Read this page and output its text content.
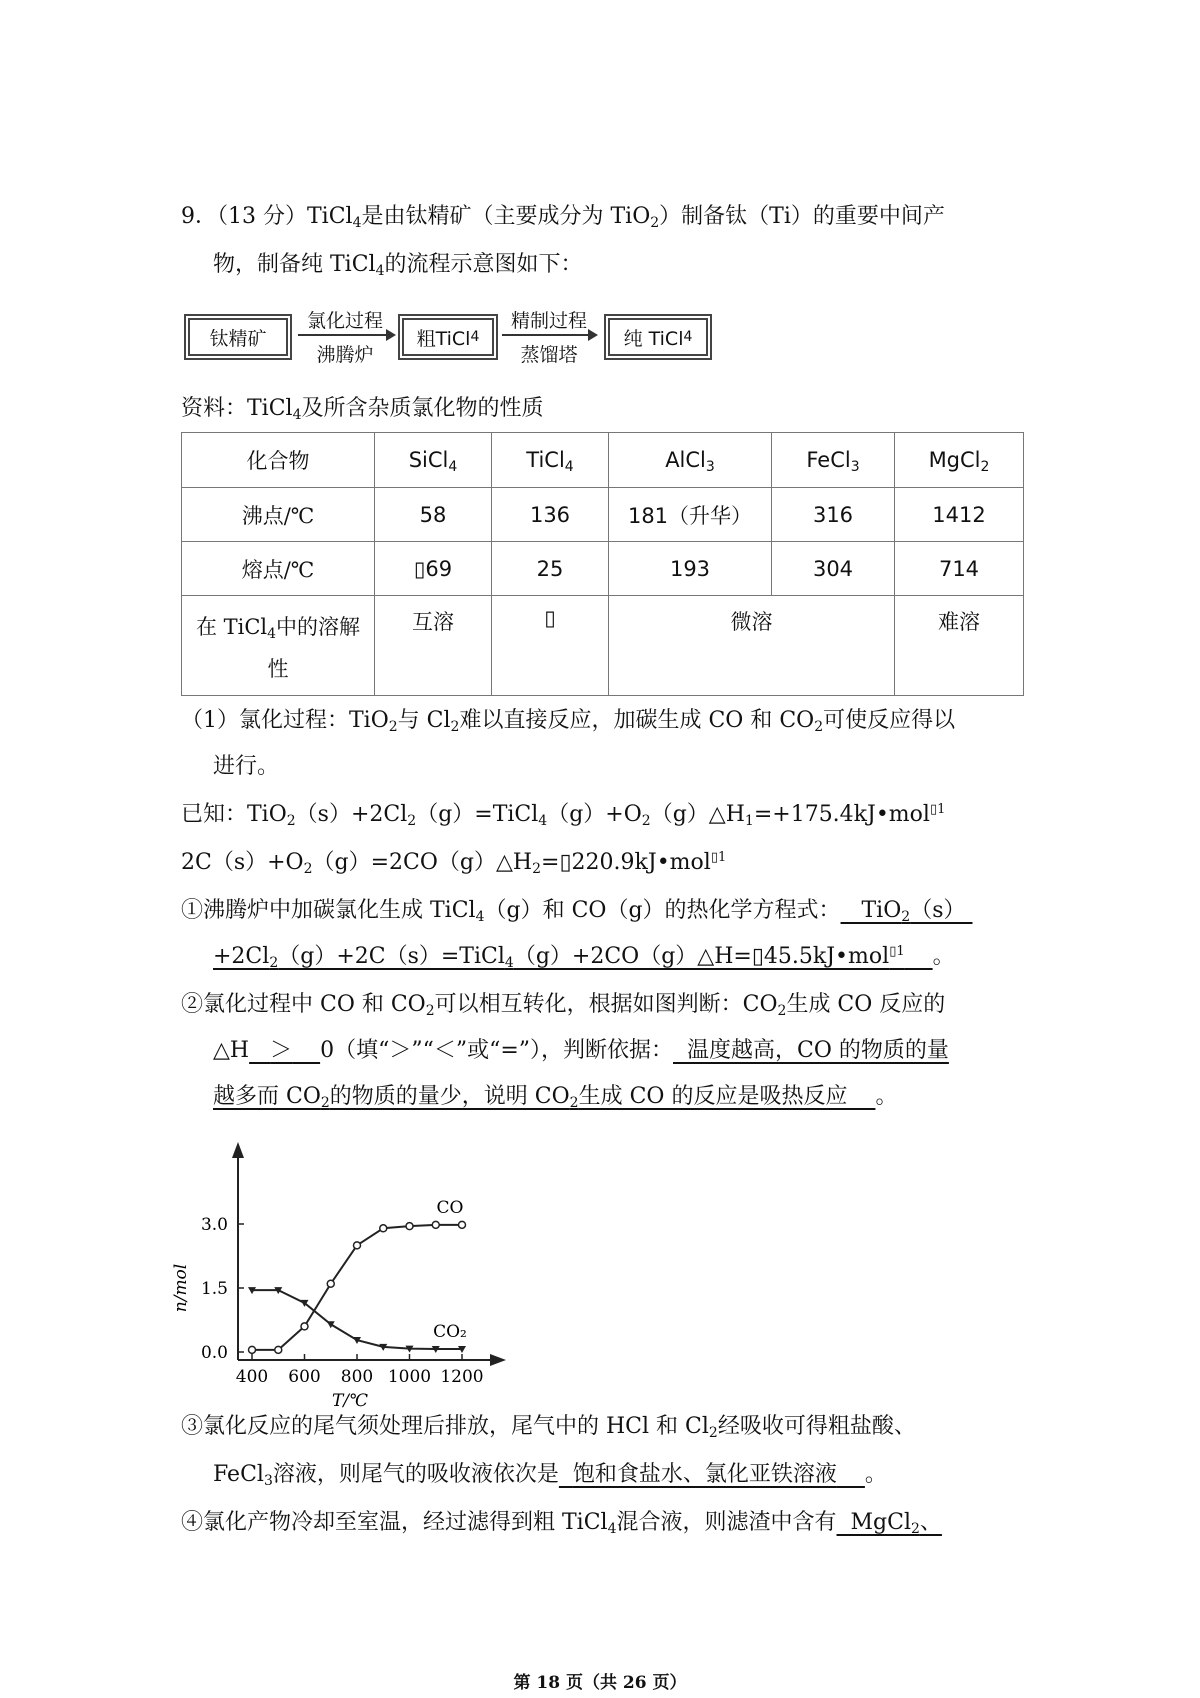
9．（13 分）TiCl$_4$是由钛精矿（主要成分为 TiO$_2$）制备钛（Ti）的重要中间产
物，制备纯 TiCl$_4$的流程示意图如下：
钛精矿
氯化过程
沸腾炉
粗TiCl 4
精制过程
蒸馏塔
纯 TiCl 4
资料：TiCl$_4$及所含杂质氯化物的性质
化合物	SiCl$_4$	TiCl$_4$	AlCl$_3$	FeCl$_3$	MgCl$_2$
沸点/℃	58	136	181（升华）	316	1412
熔点/℃	▯69	25	193	304	714

在 TiCl$_4$中的溶解
性	互溶	▯	微溶		难溶
（1）氯化过程：TiO$_2$与 $Cl_2$难以直接反应，加碳生成 CO 和 $CO_2$可使反应得以
进行。
已知：$TiO_2(s)+2Cl_2(g)=TiCl_4(g)+O_2(g)\triangle H_1=+175.4kJ•mol^{▯1}$
$2C(s)+O_2(g)=2CO(g)\triangle H_2=▯220.9kJ•mol^{▯1}$
①沸腾炉中加碳氯化生成 TiCl$_4$（g）和 CO（g）的热化学方程式：   TiO$_2$（s）
$+2Cl_2(g)+2C(s)=TiCl_4(g)+2CO(g)\triangle H=▯45.5kJ•mol^{▯1}$ 。
②氯化过程中 CO 和 $CO_2$可以相互转化，根据如图判断：$CO_2$生成 CO 反应的
△H ＞ 0（填“＞”“＜”或“=”），判断依据： 温度越高，CO 的物质的量
越多而 $CO_2$的物质的量少，说明 $CO_2$生成 CO 的反应是吸热反应    。
400 600 800 1000 1200
0.0
1.5
3.0
T/℃
n/mol
CO
CO₂
③氯化反应的尾气须处理后排放，尾气中的 HCl 和 $Cl_2$经吸收可得粗盐酸、
FeCl$_3$溶液，则尾气的吸收液依次是 饱和食盐水、氯化亚铁溶液 。
④氯化产物冷却至室温，经过滤得到粗 TiCl$_4$混合液，则滤渣中含有  MgCl$_2$、
第 18 页（共 26 页）
